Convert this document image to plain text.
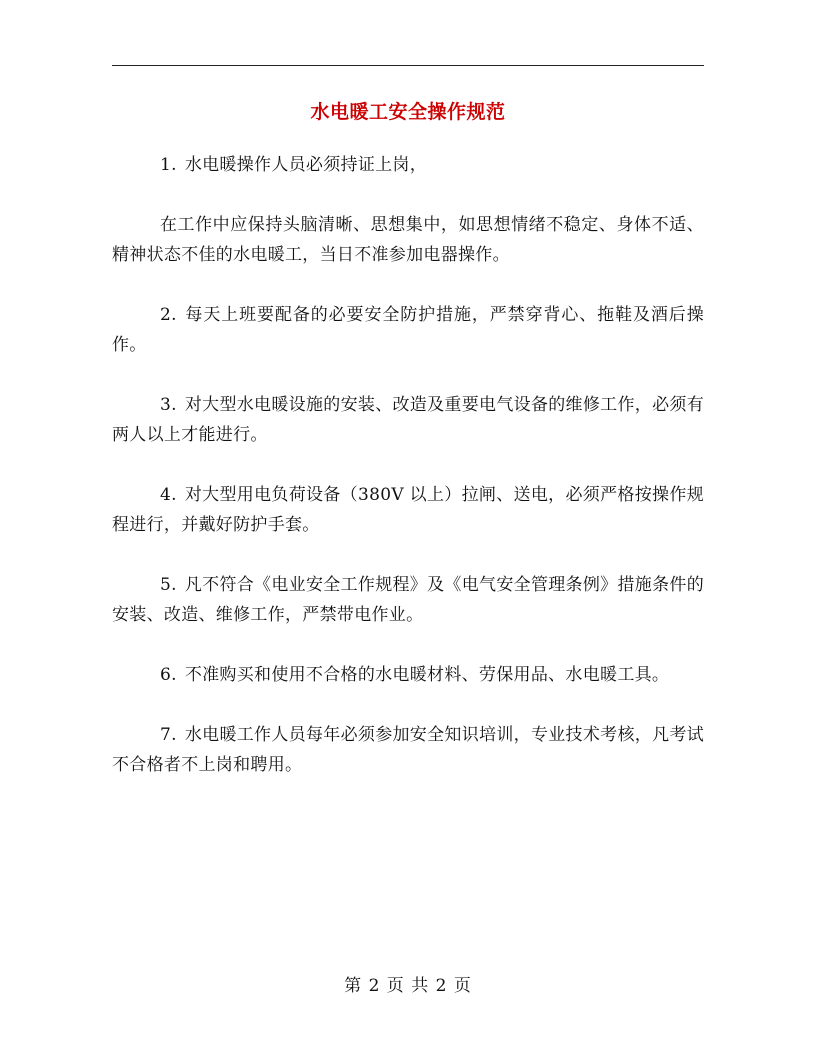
水电暖工安全操作规范

1. 水电暖操作人员必须持证上岗，

在工作中应保持头脑清晰、思想集中，如思想情绪不稳定、身体不适、精神状态不佳的水电暖工，当日不准参加电器操作。

2. 每天上班要配备的必要安全防护措施，严禁穿背心、拖鞋及酒后操作。

3. 对大型水电暖设施的安装、改造及重要电气设备的维修工作，必须有两人以上才能进行。

4. 对大型用电负荷设备（380V 以上）拉闸、送电，必须严格按操作规程进行，并戴好防护手套。

5. 凡不符合《电业安全工作规程》及《电气安全管理条例》措施条件的安装、改造、维修工作，严禁带电作业。

6. 不准购买和使用不合格的水电暖材料、劳保用品、水电暖工具。

7. 水电暖工作人员每年必须参加安全知识培训，专业技术考核，凡考试不合格者不上岗和聘用。

第 2 页 共 2 页
